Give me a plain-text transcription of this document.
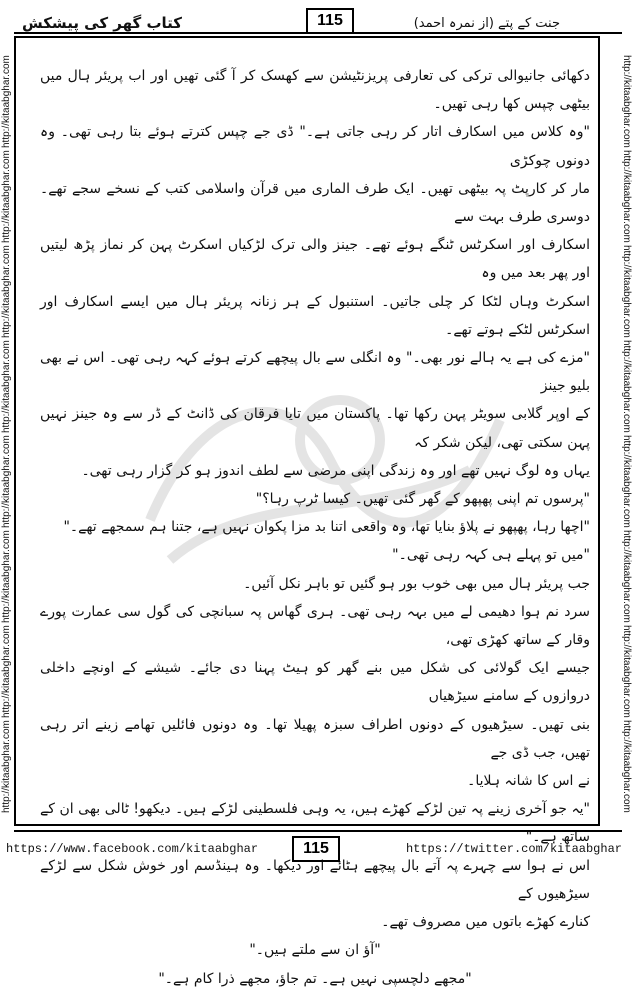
کتاب گھر کی پیشکش	115	جنت کے پتے (از نمرہ احمد)
http://kitaabghar.com
http://kitaabghar.com
http://kitaabghar.com
http://kitaabghar.com
http://kitaabghar.com
http://kitaabghar.com
http://kitaabghar.com
http://kitaabghar.com	http://kitaabghar.com
http://kitaabghar.com
http://kitaabghar.com
http://kitaabghar.com
http://kitaabghar.com
http://kitaabghar.com
http://kitaabghar.com
http://kitaabghar.com

دکھائی جانیوالی ترکی کی تعارفی پریزنٹیشن سے کھسک کر آ گئی تھیں اور اب پریئر ہال میں بیٹھی چپس کھا رہی تھیں۔

"وہ کلاس میں اسکارف اتار کر رہی جاتی ہے۔" ڈی جے چپس کترتے ہوئے بتا رہی تھی۔ وہ دونوں چوکڑی

مار کر کارپٹ پہ بیٹھی تھیں۔ ایک طرف الماری میں قرآن واسلامی کتب کے نسخے سجے تھے۔ دوسری طرف بہت سے

اسکارف اور اسکرٹس ٹنگے ہوئے تھے۔ جینز والی ترک لڑکیاں اسکرٹ پہن کر نماز پڑھ لیتیں اور پھر بعد میں وہ

اسکرٹ وہاں لٹکا کر چلی جاتیں۔ استنبول کے ہر زنانہ پریئر ہال میں ایسے اسکارف اور اسکرٹس لٹکے ہوتے تھے۔

"مزے کی ہے یہ ہالے نور بھی۔" وہ انگلی سے بال پیچھے کرتے ہوئے کہہ رہی تھی۔ اس نے بھی بلیو جینز

کے اوپر گلابی سویٹر پہن رکھا تھا۔ پاکستان میں تایا فرقان کی ڈانٹ کے ڈر سے وہ جینز نہیں پہن سکتی تھی، لیکن شکر کہ

یہاں وہ لوگ نہیں تھے اور وہ زندگی اپنی مرضی سے لطف اندوز ہو کر گزار رہی تھی۔

"پرسوں تم اپنی پھپھو کے گھر گئی تھیں۔ کیسا ٹرپ رہا؟"

"اچھا رہا، پھپھو نے پلاؤ بنایا تھا، وہ واقعی اتنا بد مزا پکوان نہیں ہے، جتنا ہم سمجھے تھے۔"

"میں تو پہلے ہی کہہ رہی تھی۔"

جب پریئر ہال میں بھی خوب بور ہو گئیں تو باہر نکل آئیں۔

سرد نم ہوا دھیمی لے میں بہہ رہی تھی۔ ہری گھاس پہ سبانچی کی گول سی عمارت پورے وقار کے ساتھ کھڑی تھی،

جیسے ایک گولائی کی شکل میں بنے گھر کو ہیٹ پہنا دی جائے۔ شیشے کے اونچے داخلی دروازوں کے سامنے سیڑھیاں

بنی تھیں۔ سیڑھیوں کے دونوں اطراف سبزہ پھیلا تھا۔ وہ دونوں فائلیں تھامے زینے اتر رہی تھیں، جب ڈی جے

نے اس کا شانہ ہلایا۔

"یہ جو آخری زینے پہ تین لڑکے کھڑے ہیں، یہ وہی فلسطینی لڑکے ہیں۔ دیکھو! ٹالی بھی ان کے ساتھ ہے۔"

اس نے ہوا سے چہرے پہ آتے بال پیچھے ہٹائے اور دیکھا۔ وہ ہینڈسم اور خوش شکل سے لڑکے سیڑھیوں کے

کنارے کھڑے باتوں میں مصروف تھے۔

"آؤ ان سے ملتے ہیں۔"

"مجھے دلچسپی نہیں ہے۔ تم جاؤ، مجھے ذرا کام ہے۔"

https://www.facebook.com/kitaabghar	115	https://twitter.com/kitaabghar
